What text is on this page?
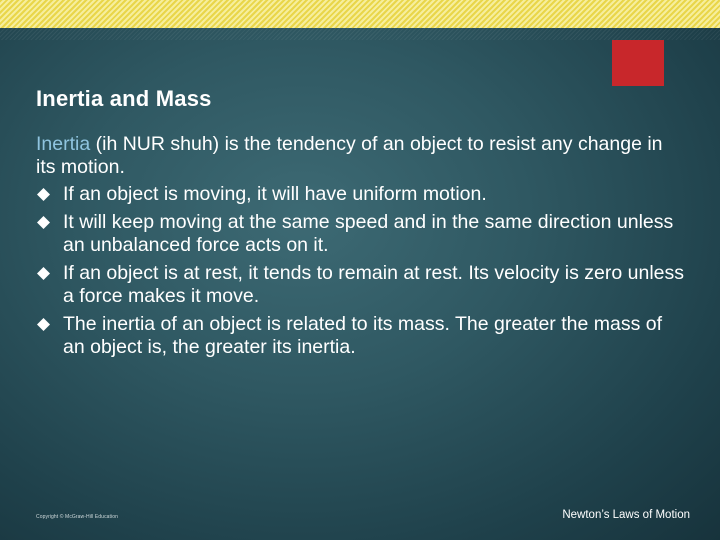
Inertia and Mass
Inertia (ih NUR shuh) is the tendency of an object to resist any change in its motion.
If an object is moving, it will have uniform motion.
It will keep moving at the same speed and in the same direction unless an unbalanced force acts on it.
If an object is at rest, it tends to remain at rest. Its velocity is zero unless a force makes it move.
The inertia of an object is related to its mass. The greater the mass of an object is, the greater its inertia.
Copyright © McGraw-Hill Education	Newton’s Laws of Motion
